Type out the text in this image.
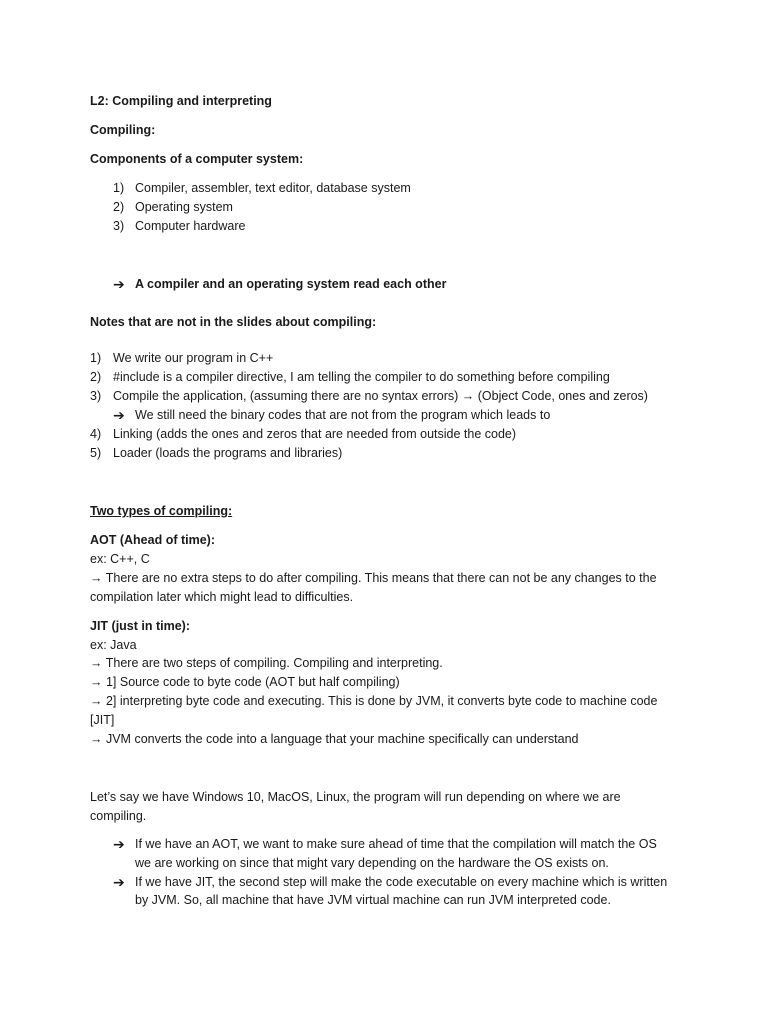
L2: Compiling and interpreting
Compiling:
Components of a computer system:
1) Compiler, assembler, text editor, database system
2) Operating system
3) Computer hardware
➔ A compiler and an operating system read each other
Notes that are not in the slides about compiling:
1) We write our program in C++
2) #include is a compiler directive, I am telling the compiler to do something before compiling
3) Compile the application, (assuming there are no syntax errors) → (Object Code, ones and zeros)
➔ We still need the binary codes that are not from the program which leads to
4) Linking (adds the ones and zeros that are needed from outside the code)
5) Loader (loads the programs and libraries)
Two types of compiling:
AOT (Ahead of time):
ex: C++, C
→ There are no extra steps to do after compiling. This means that there can not be any changes to the
compilation later which might lead to difficulties.
JIT (just in time):
ex: Java
→ There are two steps of compiling. Compiling and interpreting.
→ 1] Source code to byte code (AOT but half compiling)
→ 2] interpreting byte code and executing. This is done by JVM, it converts byte code to machine code
[JIT]
→ JVM converts the code into a language that your machine specifically can understand
Let’s say we have Windows 10, MacOS, Linux, the program will run depending on where we are
compiling.
➔ If we have an AOT, we want to make sure ahead of time that the compilation will match the OS
we are working on since that might vary depending on the hardware the OS exists on.
➔ If we have JIT, the second step will make the code executable on every machine which is written
by JVM. So, all machine that have JVM virtual machine can run JVM interpreted code.
